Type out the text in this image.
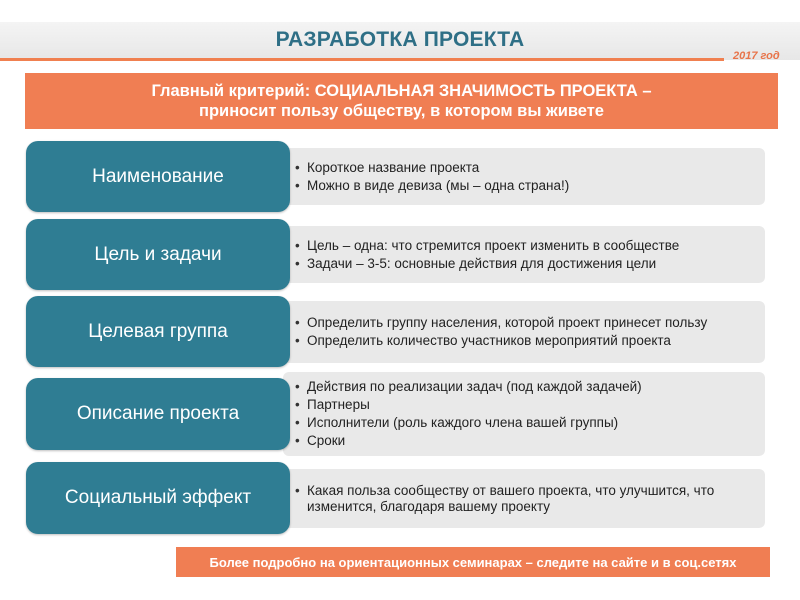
РАЗРАБОТКА ПРОЕКТА
2017 год
Главный критерий: СОЦИАЛЬНАЯ ЗНАЧИМОСТЬ ПРОЕКТА –
приносит пользу обществу, в котором вы живете
• Короткое название проекта
• Можно в виде девиза (мы – одна страна!)
Наименование
• Цель – одна: что стремится проект изменить в сообществе
• Задачи – 3-5: основные действия для достижения цели
Цель и задачи
• Определить группу населения, которой проект принесет пользу
• Определить количество участников мероприятий проекта
Целевая группа
• Действия по реализации задач (под каждой задачей)
• Партнеры
• Исполнители (роль каждого члена вашей группы)
• Сроки
Описание проекта
• Какая польза сообществу от вашего проекта, что улучшится, что изменится, благодаря вашему проекту
Социальный эффект
Более подробно на ориентационных семинарах – следите на сайте и в соц.сетях
